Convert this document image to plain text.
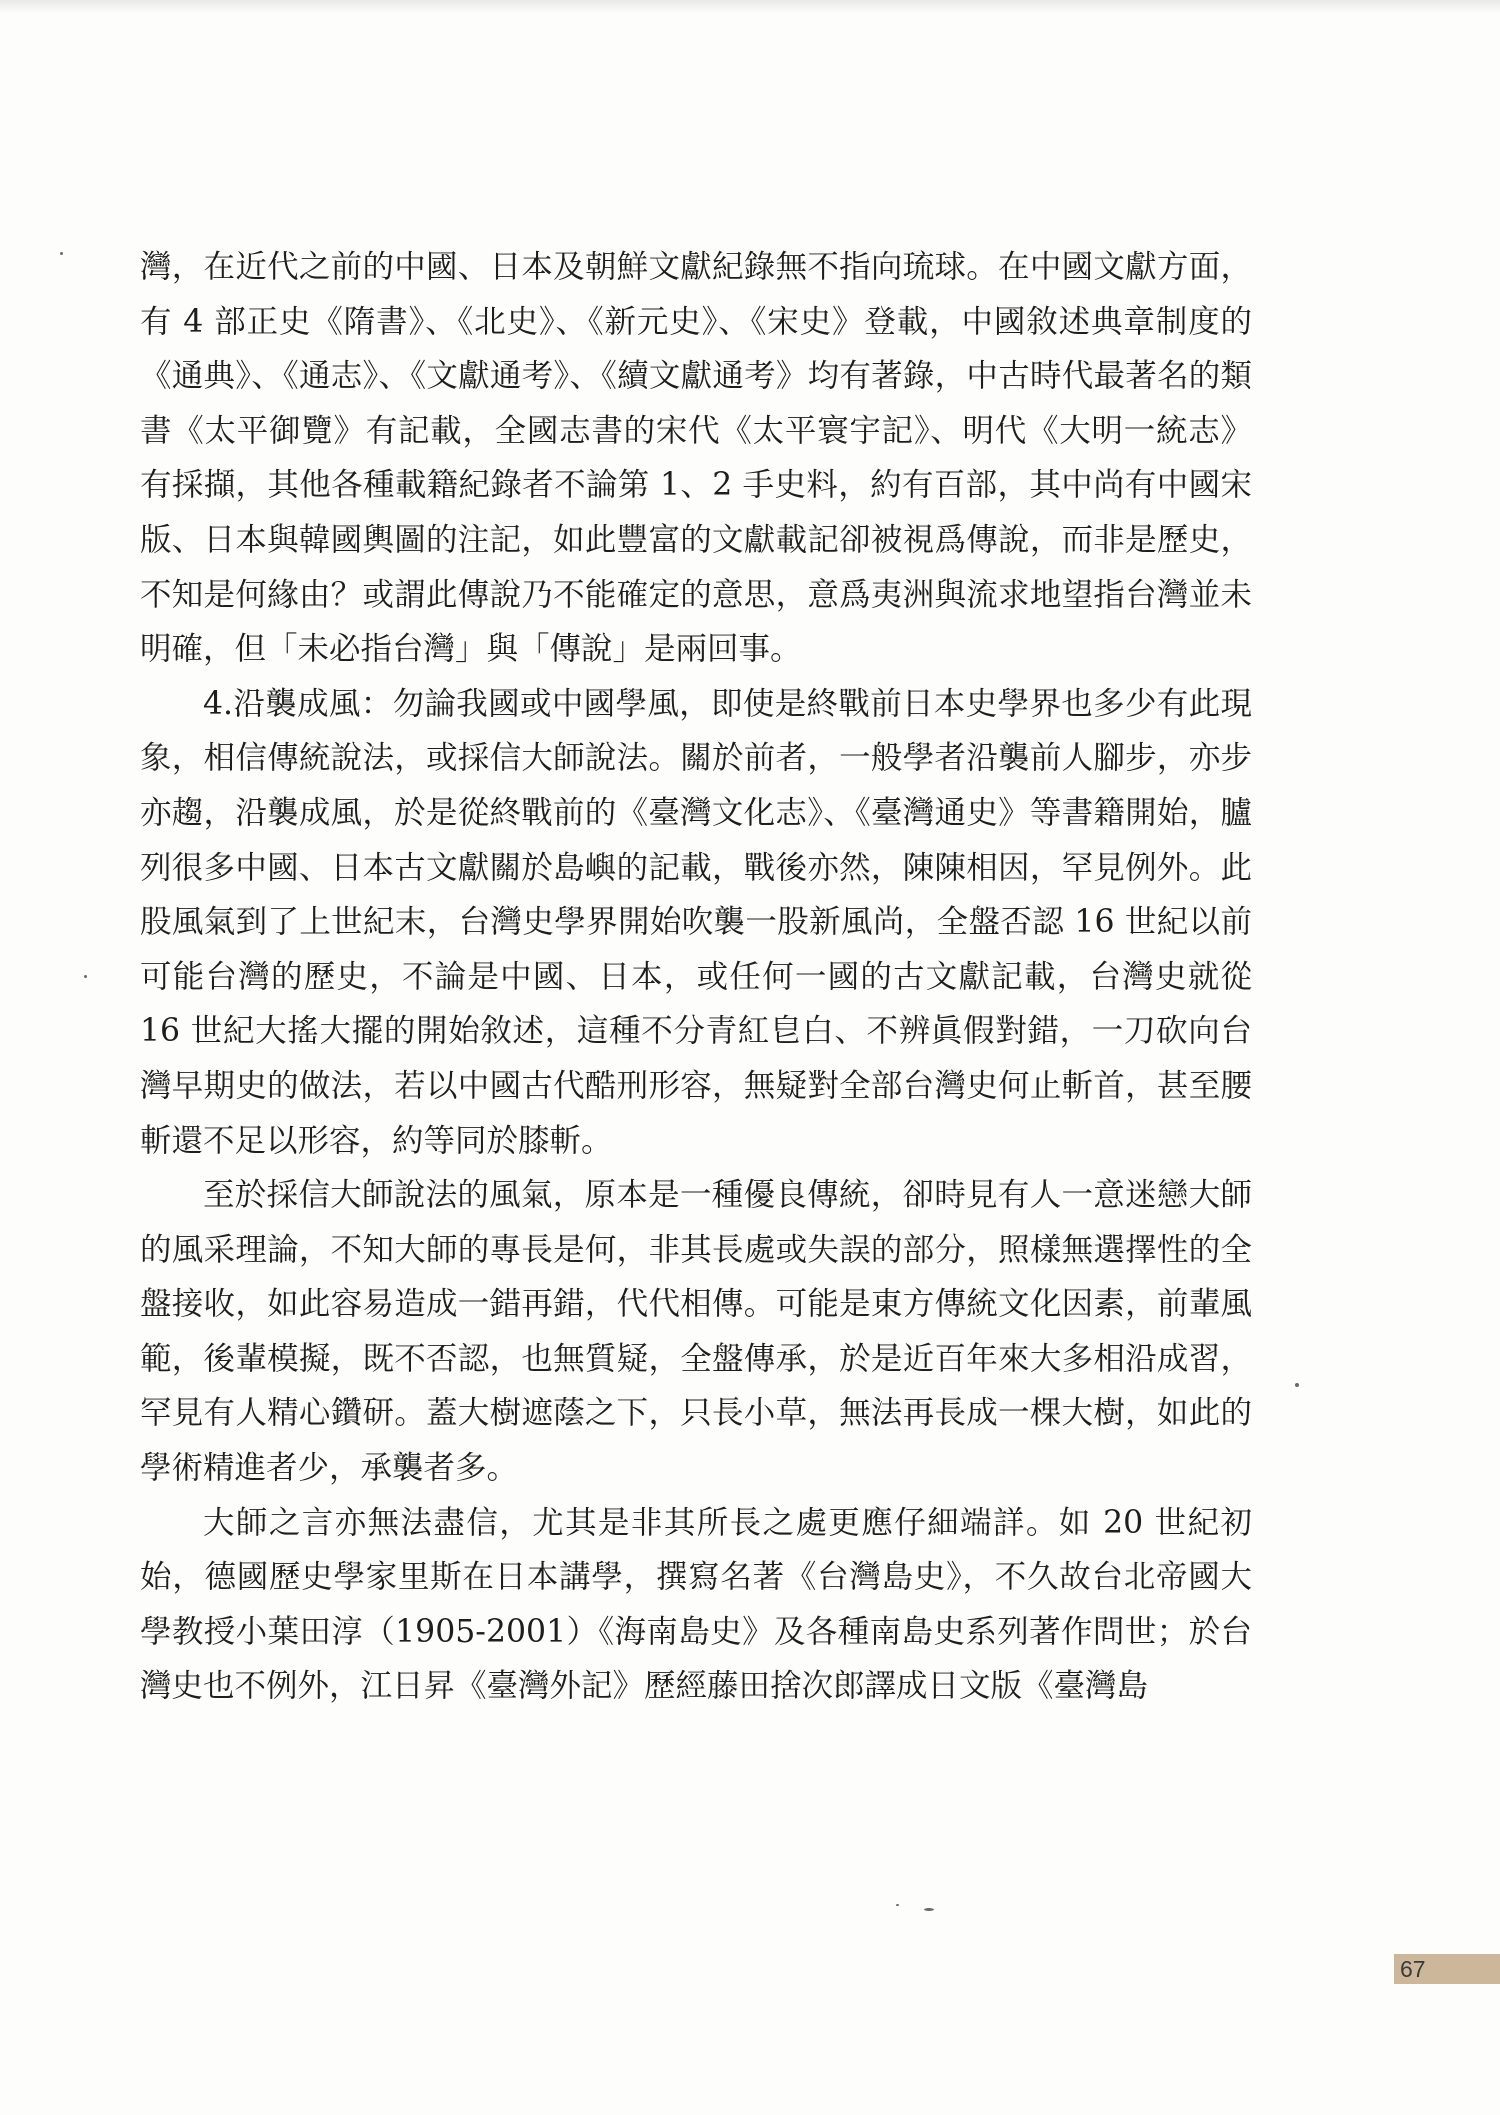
灣，在近代之前的中國、日本及朝鮮文獻紀錄無不指向琉球。在中國文獻方面，有 4 部正史《隋書》、《北史》、《新元史》、《宋史》登載，中國敘述典章制度的《通典》、《通志》、《文獻通考》、《續文獻通考》均有著錄，中古時代最著名的類書《太平御覽》有記載，全國志書的宋代《太平寰宇記》、明代《大明一統志》有採擷，其他各種載籍紀錄者不論第 1、2 手史料，約有百部，其中尚有中國宋版、日本與韓國輿圖的注記，如此豐富的文獻載記卻被視爲傳說，而非是歷史，不知是何緣由？或謂此傳說乃不能確定的意思，意爲夷洲與流求地望指台灣並未明確，但「未必指台灣」與「傳說」是兩回事。

4.沿襲成風：勿論我國或中國學風，即使是終戰前日本史學界也多少有此現象，相信傳統說法，或採信大師說法。關於前者，一般學者沿襲前人腳步，亦步亦趨，沿襲成風，於是從終戰前的《臺灣文化志》、《臺灣通史》等書籍開始，臚列很多中國、日本古文獻關於島嶼的記載，戰後亦然，陳陳相因，罕見例外。此股風氣到了上世紀末，台灣史學界開始吹襲一股新風尚，全盤否認 16 世紀以前可能台灣的歷史，不論是中國、日本，或任何一國的古文獻記載，台灣史就從 16 世紀大搖大擺的開始敘述，這種不分青紅皀白、不辨眞假對錯，一刀砍向台灣早期史的做法，若以中國古代酷刑形容，無疑對全部台灣史何止斬首，甚至腰斬還不足以形容，約等同於膝斬。

至於採信大師說法的風氣，原本是一種優良傳統，卻時見有人一意迷戀大師的風采理論，不知大師的專長是何，非其長處或失誤的部分，照樣無選擇性的全盤接收，如此容易造成一錯再錯，代代相傳。可能是東方傳統文化因素，前輩風範，後輩模擬，既不否認，也無質疑，全盤傳承，於是近百年來大多相沿成習，罕見有人精心鑽研。蓋大樹遮蔭之下，只長小草，無法再長成一棵大樹，如此的學術精進者少，承襲者多。

大師之言亦無法盡信，尤其是非其所長之處更應仔細端詳。如 20 世紀初始，德國歷史學家里斯在日本講學，撰寫名著《台灣島史》，不久故台北帝國大學教授小葉田淳（1905-2001）《海南島史》及各種南島史系列著作問世；於台灣史也不例外，江日昇《臺灣外記》歷經藤田捨次郎譯成日文版《臺灣島

67
